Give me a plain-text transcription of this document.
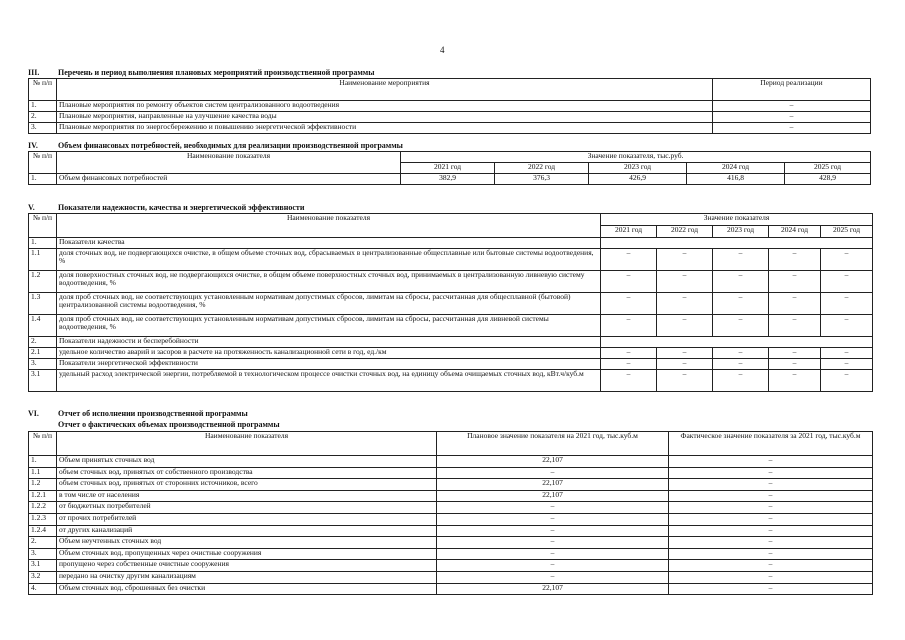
4
III. Перечень и период выполнения плановых мероприятий производственной программы
№ п/п	Наименование мероприятия	Период реализации
1.	Плановые мероприятия по ремонту объектов систем централизованного водоотведения	–
2.	Плановые мероприятия, направленные на улучшение качества воды	–
3.	Плановые мероприятия по энергосбережению и повышению энергетической эффективности	–
IV.	Объем финансовых потребностей, необходимых для реализации производственной программы
№ п/п	Наименование показателя	Значение показателя, тыс.руб.				
		2021 год	2022 год	2023 год	2024 год	2025 год
1.	Объем финансовых потребностей	382,9	376,3	426,9	416,8	428,9
V.	Показатели надежности, качества и энергетической эффективности
№ п/п	Наименование показателя	Значение показателя				
		2021 год	2022 год	2023 год	2024 год	2025 год
1.	Показатели качества					
1.1	доля сточных вод, не подвергающихся очистке, в общем объеме сточных вод, сбрасываемых в централизованные общесплавные или бытовые системы водоотведения, %	–	–	–	–	–
1.2	доля поверхностных сточных вод, не подвергающихся очистке, в общем объеме поверхностных сточных вод, принимаемых в централизованную ливневую систему водоотведения, %	–	–	–	–	–
1.3	доля проб сточных вод, не соответствующих установленным нормативам допустимых сбросов, лимитам на сбросы, рассчитанная для общесплавной (бытовой) централизованной системы водоотведения, %	–	–	–	–	–
1.4	доля проб сточных вод, не соответствующих установленным нормативам допустимых сбросов, лимитам на сбросы, рассчитанная для ливневой системы водоотведения, %	–	–	–	–	–
2.	Показатели надежности и бесперебойности					
2.1	удельное количество аварий и засоров в расчете на протяженность канализационной сети в год, ед./км	–	–	–	–	–
3.	Показатели энергетической эффективности	–	–	–	–	–
3.1	удельный расход электрической энергии, потребляемой в технологическом процессе очистки сточных вод, на единицу объема очищаемых сточных вод, кВт.ч/куб.м	–	–	–	–	–
VI. Отчет об исполнении производственной программы
Отчет о фактических объемах производственной программы
№ п/п	Наименование показателя	Плановое значение показателя на 2021 год, тыс.куб.м	Фактическое значение показателя за 2021 год, тыс.куб.м
1.	Объем принятых сточных вод	22,107	–
1.1	объем сточных вод, принятых от собственного производства	–	–
1.2	объем сточных вод, принятых от сторонних источников, всего	22,107	–
1.2.1	в том числе от населения	22,107	–
1.2.2	от бюджетных потребителей	–	–
1.2.3	от прочих потребителей	–	–
1.2.4	от других канализаций	–	–
2.	Объем неучтенных сточных вод	–	–
3.	Объем сточных вод, пропущенных через очистные сооружения	–	–
3.1	пропущено через собственные очистные сооружения	–	–
3.2	передано на очистку другим канализациям	–	–
4.	Объем сточных вод, сброшенных без очистки	22,107	–
